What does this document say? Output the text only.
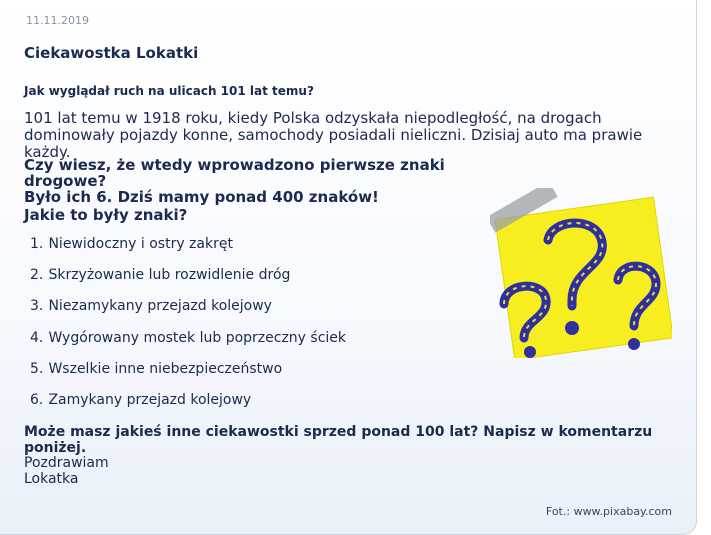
11.11.2019
Ciekawostka Lokatki
Jak wyglądał ruch na ulicach 101 lat temu?
101 lat temu w 1918 roku, kiedy Polska odzyskała niepodległość, na drogach dominowały pojazdy konne, samochody posiadali nieliczni. Dzisiaj auto ma prawie każdy.
Czy wiesz, że wtedy wprowadzono pierwsze znaki drogowe?
Było ich 6. Dziś mamy ponad 400 znaków!
Jakie to były znaki?
1. Niewidoczny i ostry zakręt
2. Skrzyżowanie lub rozwidlenie dróg
3. Niezamykany przejazd kolejowy
4. Wygórowany mostek lub poprzeczny ściek
5. Wszelkie inne niebezpieczeństwo
6. Zamykany przejazd kolejowy
Może masz jakieś inne ciekawostki sprzed ponad 100 lat? Napisz w komentarzu poniżej.
Pozdrawiam
Lokatka
Fot.: www.pixabay.com
